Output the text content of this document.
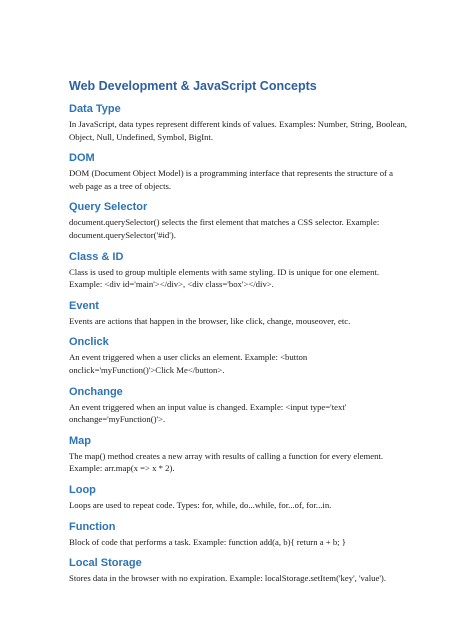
Web Development & JavaScript Concepts
Data Type

In JavaScript, data types represent different kinds of values. Examples: Number, String, Boolean, Object, Null, Undefined, Symbol, BigInt.

DOM

DOM (Document Object Model) is a programming interface that represents the structure of a web page as a tree of objects.

Query Selector

document.querySelector() selects the first element that matches a CSS selector. Example: document.querySelector('#id').

Class & ID

Class is used to group multiple elements with same styling. ID is unique for one element. Example: <div id='main'></div>, <div class='box'></div>.

Event

Events are actions that happen in the browser, like click, change, mouseover, etc.

Onclick

An event triggered when a user clicks an element. Example: <button onclick='myFunction()'>Click Me</button>.

Onchange

An event triggered when an input value is changed. Example: <input type='text' onchange='myFunction()'>.

Map

The map() method creates a new array with results of calling a function for every element. Example: arr.map(x => x * 2).

Loop

Loops are used to repeat code. Types: for, while, do...while, for...of, for...in.

Function

Block of code that performs a task. Example: function add(a, b){ return a + b; }

Local Storage

Stores data in the browser with no expiration. Example: localStorage.setItem('key', 'value').
